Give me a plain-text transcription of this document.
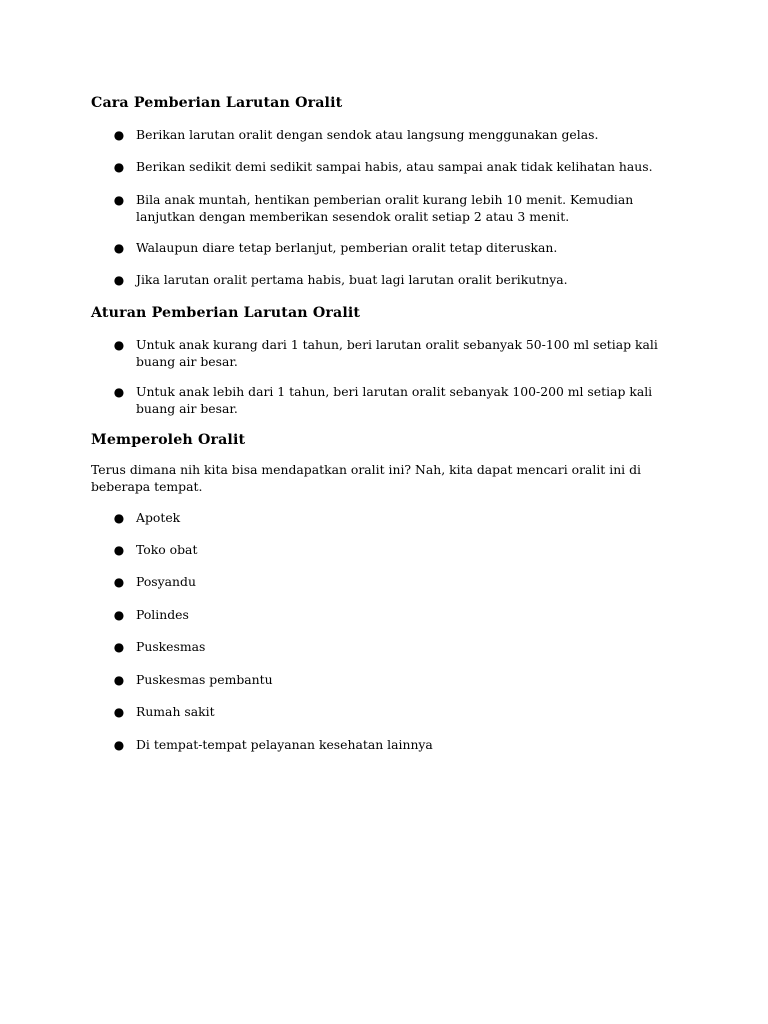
Cara Pemberian Larutan Oralit
● Berikan larutan oralit dengan sendok atau langsung menggunakan gelas.
● Berikan sedikit demi sedikit sampai habis, atau sampai anak tidak kelihatan haus.
● Bila anak muntah, hentikan pemberian oralit kurang lebih 10 menit. Kemudian lanjutkan dengan memberikan sesendok oralit setiap 2 atau 3 menit.
● Walaupun diare tetap berlanjut, pemberian oralit tetap diteruskan.
● Jika larutan oralit pertama habis, buat lagi larutan oralit berikutnya.
Aturan Pemberian Larutan Oralit
● Untuk anak kurang dari 1 tahun, beri larutan oralit sebanyak 50-100 ml setiap kali buang air besar.
● Untuk anak lebih dari 1 tahun, beri larutan oralit sebanyak 100-200 ml setiap kali buang air besar.
Memperoleh Oralit

Terus dimana nih kita bisa mendapatkan oralit ini? Nah, kita dapat mencari oralit ini di beberapa tempat.

● Apotek
● Toko obat
● Posyandu
● Polindes
● Puskesmas
● Puskesmas pembantu
● Rumah sakit
● Di tempat-tempat pelayanan kesehatan lainnya
